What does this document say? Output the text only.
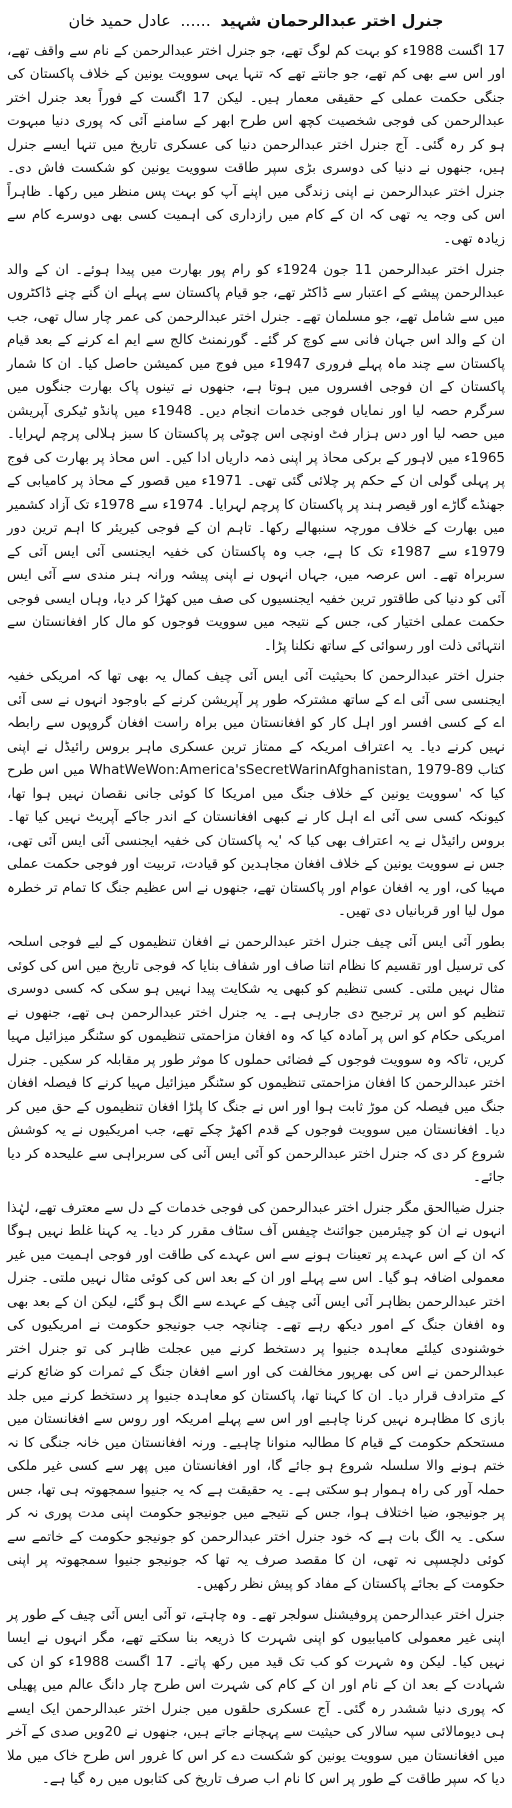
جنرل اختر عبدالرحمان شہید ...... عادل حمید خان

17 اگست 1988ء کو بہت کم لوگ تھے، جو جنرل اختر عبدالرحمن کے نام سے واقف تھے، اور اس سے بھی کم تھے، جو جانتے تھے کہ تنہا یہی سوویت یونین کے خلاف پاکستان کی جنگی حکمت عملی کے حقیقی معمار ہیں۔ لیکن 17 اگست کے فوراً بعد جنرل اختر عبدالرحمن کی فوجی شخصیت کچھ اس طرح ابھر کے سامنے آئی کہ پوری دنیا مبہوت ہو کر رہ گئی۔ آج جنرل اختر عبدالرحمن دنیا کی عسکری تاریخ میں تنہا ایسے جنرل ہیں، جنھوں نے دنیا کی دوسری بڑی سپر طاقت سوویت یونین کو شکست فاش دی۔ جنرل اختر عبدالرحمن نے اپنی زندگی میں اپنے آپ کو بہت پس منظر میں رکھا۔ ظاہراً اس کی وجہ یہ تھی کہ ان کے کام میں رازداری کی اہمیت کسی بھی دوسرے کام سے زیادہ تھی۔

جنرل اختر عبدالرحمن 11 جون 1924ء کو رام پور بھارت میں پیدا ہوئے۔ ان کے والد عبدالرحمن پیشے کے اعتبار سے ڈاکٹر تھے، جو قیام پاکستان سے پہلے ان گنے چنے ڈاکٹروں میں سے شامل تھے، جو مسلمان تھے۔ جنرل اختر عبدالرحمن کی عمر چار سال تھی، جب ان کے والد اس جہان فانی سے کوچ کر گئے۔ گورنمنٹ کالج سے ایم اے کرنے کے بعد قیام پاکستان سے چند ماہ پہلے فروری 1947ء میں فوج میں کمیشن حاصل کیا۔ ان کا شمار پاکستان کے ان فوجی افسروں میں ہوتا ہے، جنھوں نے تینوں پاک بھارت جنگوں میں سرگرم حصہ لیا اور نمایاں فوجی خدمات انجام دیں۔ 1948ء میں پانڈو ٹیکری آپریشن میں حصہ لیا اور دس ہزار فٹ اونچی اس چوٹی پر پاکستان کا سبز ہلالی پرچم لہرایا۔ 1965ء میں لاہور کے برکی محاذ پر اپنی ذمہ داریاں ادا کیں۔ اس محاذ پر بھارت کی فوج پر پہلی گولی ان کے حکم پر چلائی گئی تھی۔ 1971ء میں قصور کے محاذ پر کامیابی کے جھنڈے گاڑے اور قیصر ہند پر پاکستان کا پرچم لہرایا۔ 1974ء سے 1978ء تک آزاد کشمیر میں بھارت کے خلاف مورچہ سنبھالے رکھا۔ تاہم ان کے فوجی کیریئر کا اہم ترین دور 1979ء سے 1987ء تک کا ہے، جب وہ پاکستان کی خفیہ ایجنسی آئی ایس آئی کے سربراہ تھے۔ اس عرصہ میں، جہاں انہوں نے اپنی پیشہ ورانہ ہنر مندی سے آئی ایس آئی کو دنیا کی طاقتور ترین خفیہ ایجنسیوں کی صف میں کھڑا کر دیا، وہاں ایسی فوجی حکمت عملی اختیار کی، جس کے نتیجہ میں سوویت فوجوں کو مال کار افغانستان سے انتہائی ذلت اور رسوائی کے ساتھ نکلنا پڑا۔

جنرل اختر عبدالرحمن کا بحیثیت آئی ایس آئی چیف کمال یہ بھی تھا کہ امریکی خفیہ ایجنسی سی آئی اے کے ساتھ مشترکہ طور پر آپریشن کرنے کے باوجود انہوں نے سی آئی اے کے کسی افسر اور اہل کار کو افغانستان میں براہ راست افغان گروپوں سے رابطہ نہیں کرنے دیا۔ یہ اعتراف امریکہ کے ممتاز ترین عسکری ماہر بروس رائیڈل نے اپنی کتاب WhatWeWon:America'sSecretWarinAfghanistan, 1979-89 میں اس طرح کیا کہ 'سوویت یونین کے خلاف جنگ میں امریکا کا کوئی جانی نقصان نہیں ہوا تھا، کیونکہ کسی سی آئی اے اہل کار نے کبھی افغانستان کے اندر جاکے آپریٹ نہیں کیا تھا۔ بروس رائیڈل نے یہ اعتراف بھی کیا کہ 'یہ پاکستان کی خفیہ ایجنسی آئی ایس آئی تھی، جس نے سوویت یونین کے خلاف افغان مجاہدین کو قیادت، تربیت اور فوجی حکمت عملی مہیا کی، اور یہ افغان عوام اور پاکستان تھے، جنھوں نے اس عظیم جنگ کا تمام تر خطرہ مول لیا اور قربانیاں دی تھیں۔

بطور آئی ایس آئی چیف جنرل اختر عبدالرحمن نے افغان تنظیموں کے لیے فوجی اسلحہ کی ترسیل اور تقسیم کا نظام اتنا صاف اور شفاف بنایا کہ فوجی تاریخ میں اس کی کوئی مثال نہیں ملتی۔ کسی تنظیم کو کبھی یہ شکایت پیدا نہیں ہو سکی کہ کسی دوسری تنظیم کو اس پر ترجیح دی جارہی ہے۔ یہ جنرل اختر عبدالرحمن ہی تھے، جنھوں نے امریکی حکام کو اس پر آمادہ کیا کہ وہ افغان مزاحمتی تنظیموں کو سٹنگر میزائیل مہیا کریں، تاکہ وہ سوویت فوجوں کے فضائی حملوں کا موثر طور پر مقابلہ کر سکیں۔ جنرل اختر عبدالرحمن کا افغان مزاحمتی تنظیموں کو سٹنگر میزائیل مہیا کرنے کا فیصلہ افغان جنگ میں فیصلہ کن موڑ ثابت ہوا اور اس نے جنگ کا پلڑا افغان تنظیموں کے حق میں کر دیا۔ افغانستان میں سوویت فوجوں کے قدم اکھڑ چکے تھے، جب امریکیوں نے یہ کوشش شروع کر دی کہ جنرل اختر عبدالرحمن کو آئی ایس آئی کی سربراہی سے علیحدہ کر دیا جائے۔

جنرل ضیاالحق مگر جنرل اختر عبدالرحمن کی فوجی خدمات کے دل سے معترف تھے، لہٰذا انہوں نے ان کو چیئرمین جوائنٹ چیفس آف سٹاف مقرر کر دیا۔ یہ کہنا غلط نہیں ہوگا کہ ان کے اس عہدے پر تعینات ہونے سے اس عہدے کی طاقت اور فوجی اہمیت میں غیر معمولی اضافہ ہو گیا۔ اس سے پہلے اور ان کے بعد اس کی کوئی مثال نہیں ملتی۔ جنرل اختر عبدالرحمن بظاہر آئی ایس آئی چیف کے عہدے سے الگ ہو گئے، لیکن ان کے بعد بھی وہ افغان جنگ کے امور دیکھ رہے تھے۔ چنانچہ جب جونیجو حکومت نے امریکیوں کی خوشنودی کیلئے معاہدہ جنیوا پر دستخط کرنے میں عجلت ظاہر کی تو جنرل اختر عبدالرحمن نے اس کی بھرپور مخالفت کی اور اسے افغان جنگ کے ثمرات کو ضائع کرنے کے مترادف قرار دیا۔ ان کا کہنا تھا، پاکستان کو معاہدہ جنیوا پر دستخط کرنے میں جلد بازی کا مظاہرہ نہیں کرنا چاہیے اور اس سے پہلے امریکہ اور روس سے افغانستان میں مستحکم حکومت کے قیام کا مطالبہ منوانا چاہیے۔ ورنہ افغانستان میں خانہ جنگی کا نہ ختم ہونے والا سلسلہ شروع ہو جائے گا، اور افغانستان میں پھر سے کسی غیر ملکی حملہ آور کی راہ ہموار ہو سکتی ہے۔ یہ حقیقت ہے کہ یہ جنیوا سمجھوتہ ہی تھا، جس پر جونیجو، ضیا اختلاف ہوا، جس کے نتیجے میں جونیجو حکومت اپنی مدت پوری نہ کر سکی۔ یہ الگ بات ہے کہ خود جنرل اختر عبدالرحمن کو جونیجو حکومت کے خاتمے سے کوئی دلچسپی نہ تھی، ان کا مقصد صرف یہ تھا کہ جونیجو جنیوا سمجھوتہ پر اپنی حکومت کے بجائے پاکستان کے مفاد کو پیش نظر رکھیں۔

جنرل اختر عبدالرحمن پروفیشنل سولجر تھے۔ وہ چاہتے، تو آئی ایس آئی چیف کے طور پر اپنی غیر معمولی کامیابیوں کو اپنی شہرت کا ذریعہ بنا سکتے تھے، مگر انہوں نے ایسا نہیں کیا۔ لیکن وہ شہرت کو کب تک قید میں رکھ پاتے۔ 17 اگست 1988ء کو ان کی شہادت کے بعد ان کے نام اور ان کے کام کی شہرت اس طرح چار دانگ عالم میں پھیلی کہ پوری دنیا ششدر رہ گئی۔ آج عسکری حلقوں میں جنرل اختر عبدالرحمن ایک ایسے ہی دیومالائی سپہ سالار کی حیثیت سے پہچانے جاتے ہیں، جنھوں نے 20ویں صدی کے آخر میں افغانستان میں سوویت یونین کو شکست دے کر اس کا غرور اس طرح خاک میں ملا دیا کہ سپر طاقت کے طور پر اس کا نام اب صرف تاریخ کی کتابوں میں رہ گیا ہے۔
